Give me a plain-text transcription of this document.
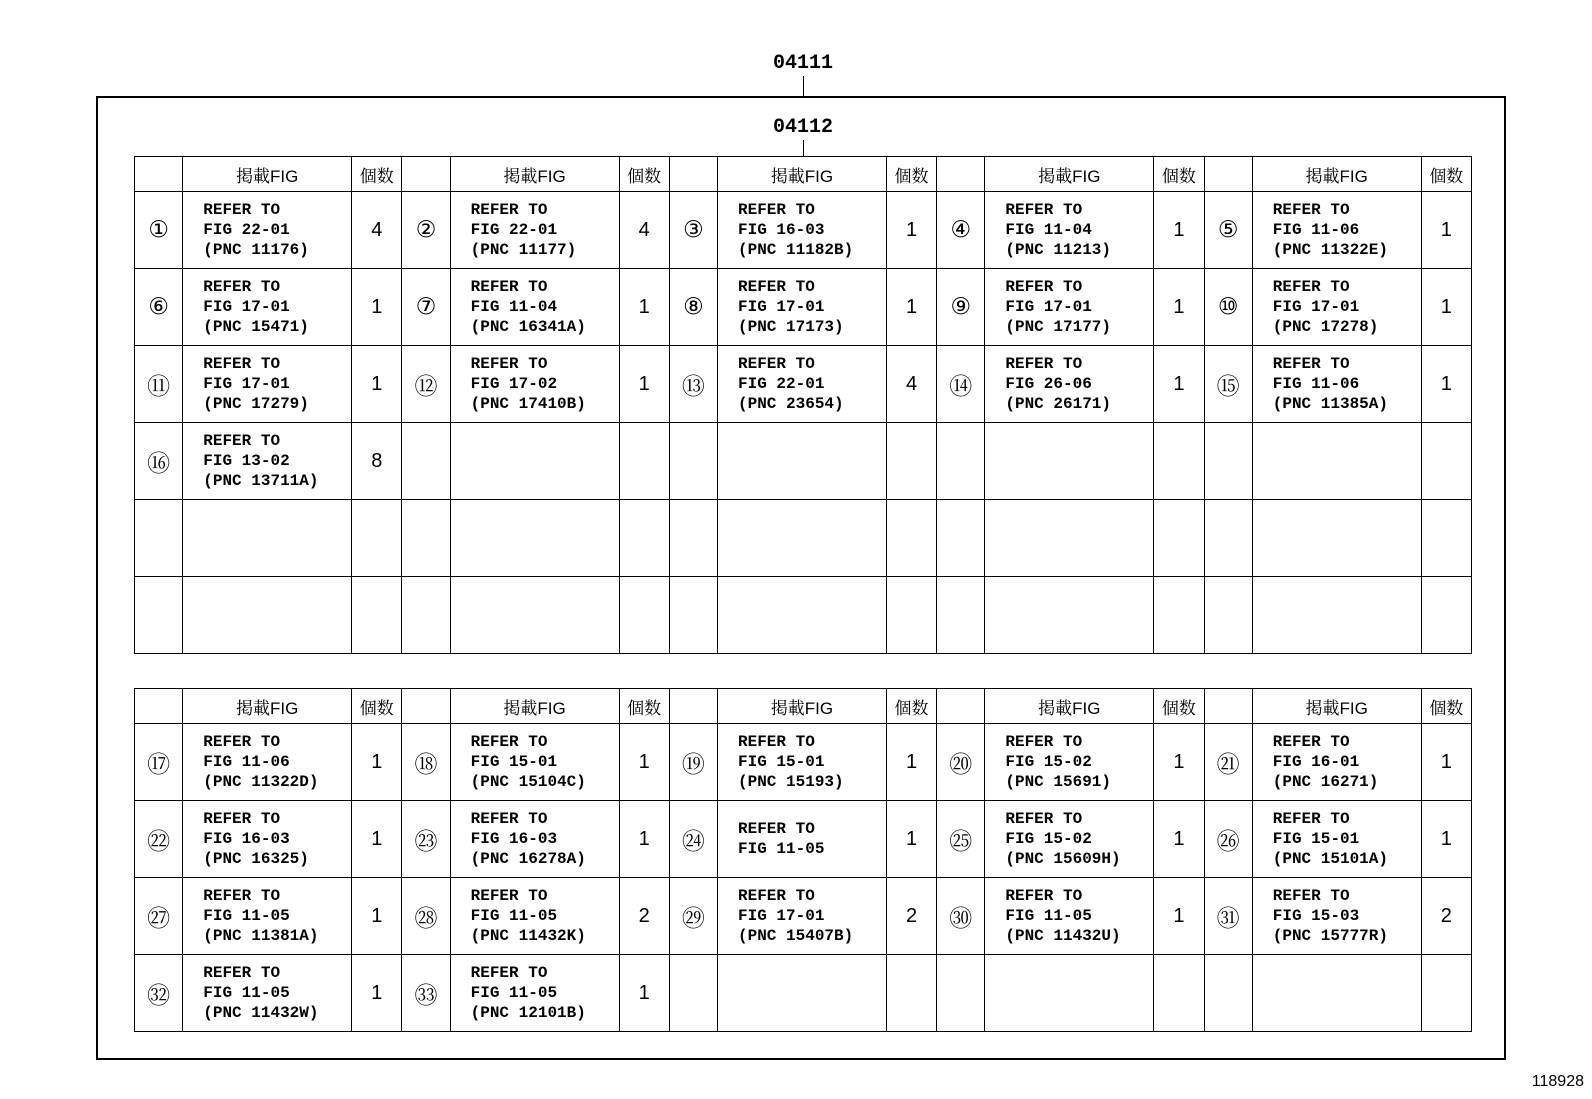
04111
04112
	掲載FIG	個数		掲載FIG	個数		掲載FIG	個数		掲載FIG	個数		掲載FIG	個数
①	REFER TO
FIG 22-01
(PNC 11176)	4	②	REFER TO
FIG 22-01
(PNC 11177)	4	③	REFER TO
FIG 16-03
(PNC 11182B)	1	④	REFER TO
FIG 11-04
(PNC 11213)	1	⑤	REFER TO
FIG 11-06
(PNC 11322E)	1
⑥	REFER TO
FIG 17-01
(PNC 15471)	1	⑦	REFER TO
FIG 11-04
(PNC 16341A)	1	⑧	REFER TO
FIG 17-01
(PNC 17173)	1	⑨	REFER TO
FIG 17-01
(PNC 17177)	1	⑩	REFER TO
FIG 17-01
(PNC 17278)	1
⑪	REFER TO
FIG 17-01
(PNC 17279)	1	⑫	REFER TO
FIG 17-02
(PNC 17410B)	1	⑬	REFER TO
FIG 22-01
(PNC 23654)	4	⑭	REFER TO
FIG 26-06
(PNC 26171)	1	⑮	REFER TO
FIG 11-06
(PNC 11385A)	1
⑯	REFER TO
FIG 13-02
(PNC 13711A)	8												

	掲載FIG	個数		掲載FIG	個数		掲載FIG	個数		掲載FIG	個数		掲載FIG	個数
⑰	REFER TO
FIG 11-06
(PNC 11322D)	1	⑱	REFER TO
FIG 15-01
(PNC 15104C)	1	⑲	REFER TO
FIG 15-01
(PNC 15193)	1	⑳	REFER TO
FIG 15-02
(PNC 15691)	1	㉑	REFER TO
FIG 16-01
(PNC 16271)	1
㉒	REFER TO
FIG 16-03
(PNC 16325)	1	㉓	REFER TO
FIG 16-03
(PNC 16278A)	1	㉔	REFER TO
FIG 11-05	1	㉕	REFER TO
FIG 15-02
(PNC 15609H)	1	㉖	REFER TO
FIG 15-01
(PNC 15101A)	1
㉗	REFER TO
FIG 11-05
(PNC 11381A)	1	㉘	REFER TO
FIG 11-05
(PNC 11432K)	2	㉙	REFER TO
FIG 17-01
(PNC 15407B)	2	㉚	REFER TO
FIG 11-05
(PNC 11432U)	1	㉛	REFER TO
FIG 15-03
(PNC 15777R)	2
㉜	REFER TO
FIG 11-05
(PNC 11432W)	1	㉝	REFER TO
FIG 11-05
(PNC 12101B)	1									
118928
